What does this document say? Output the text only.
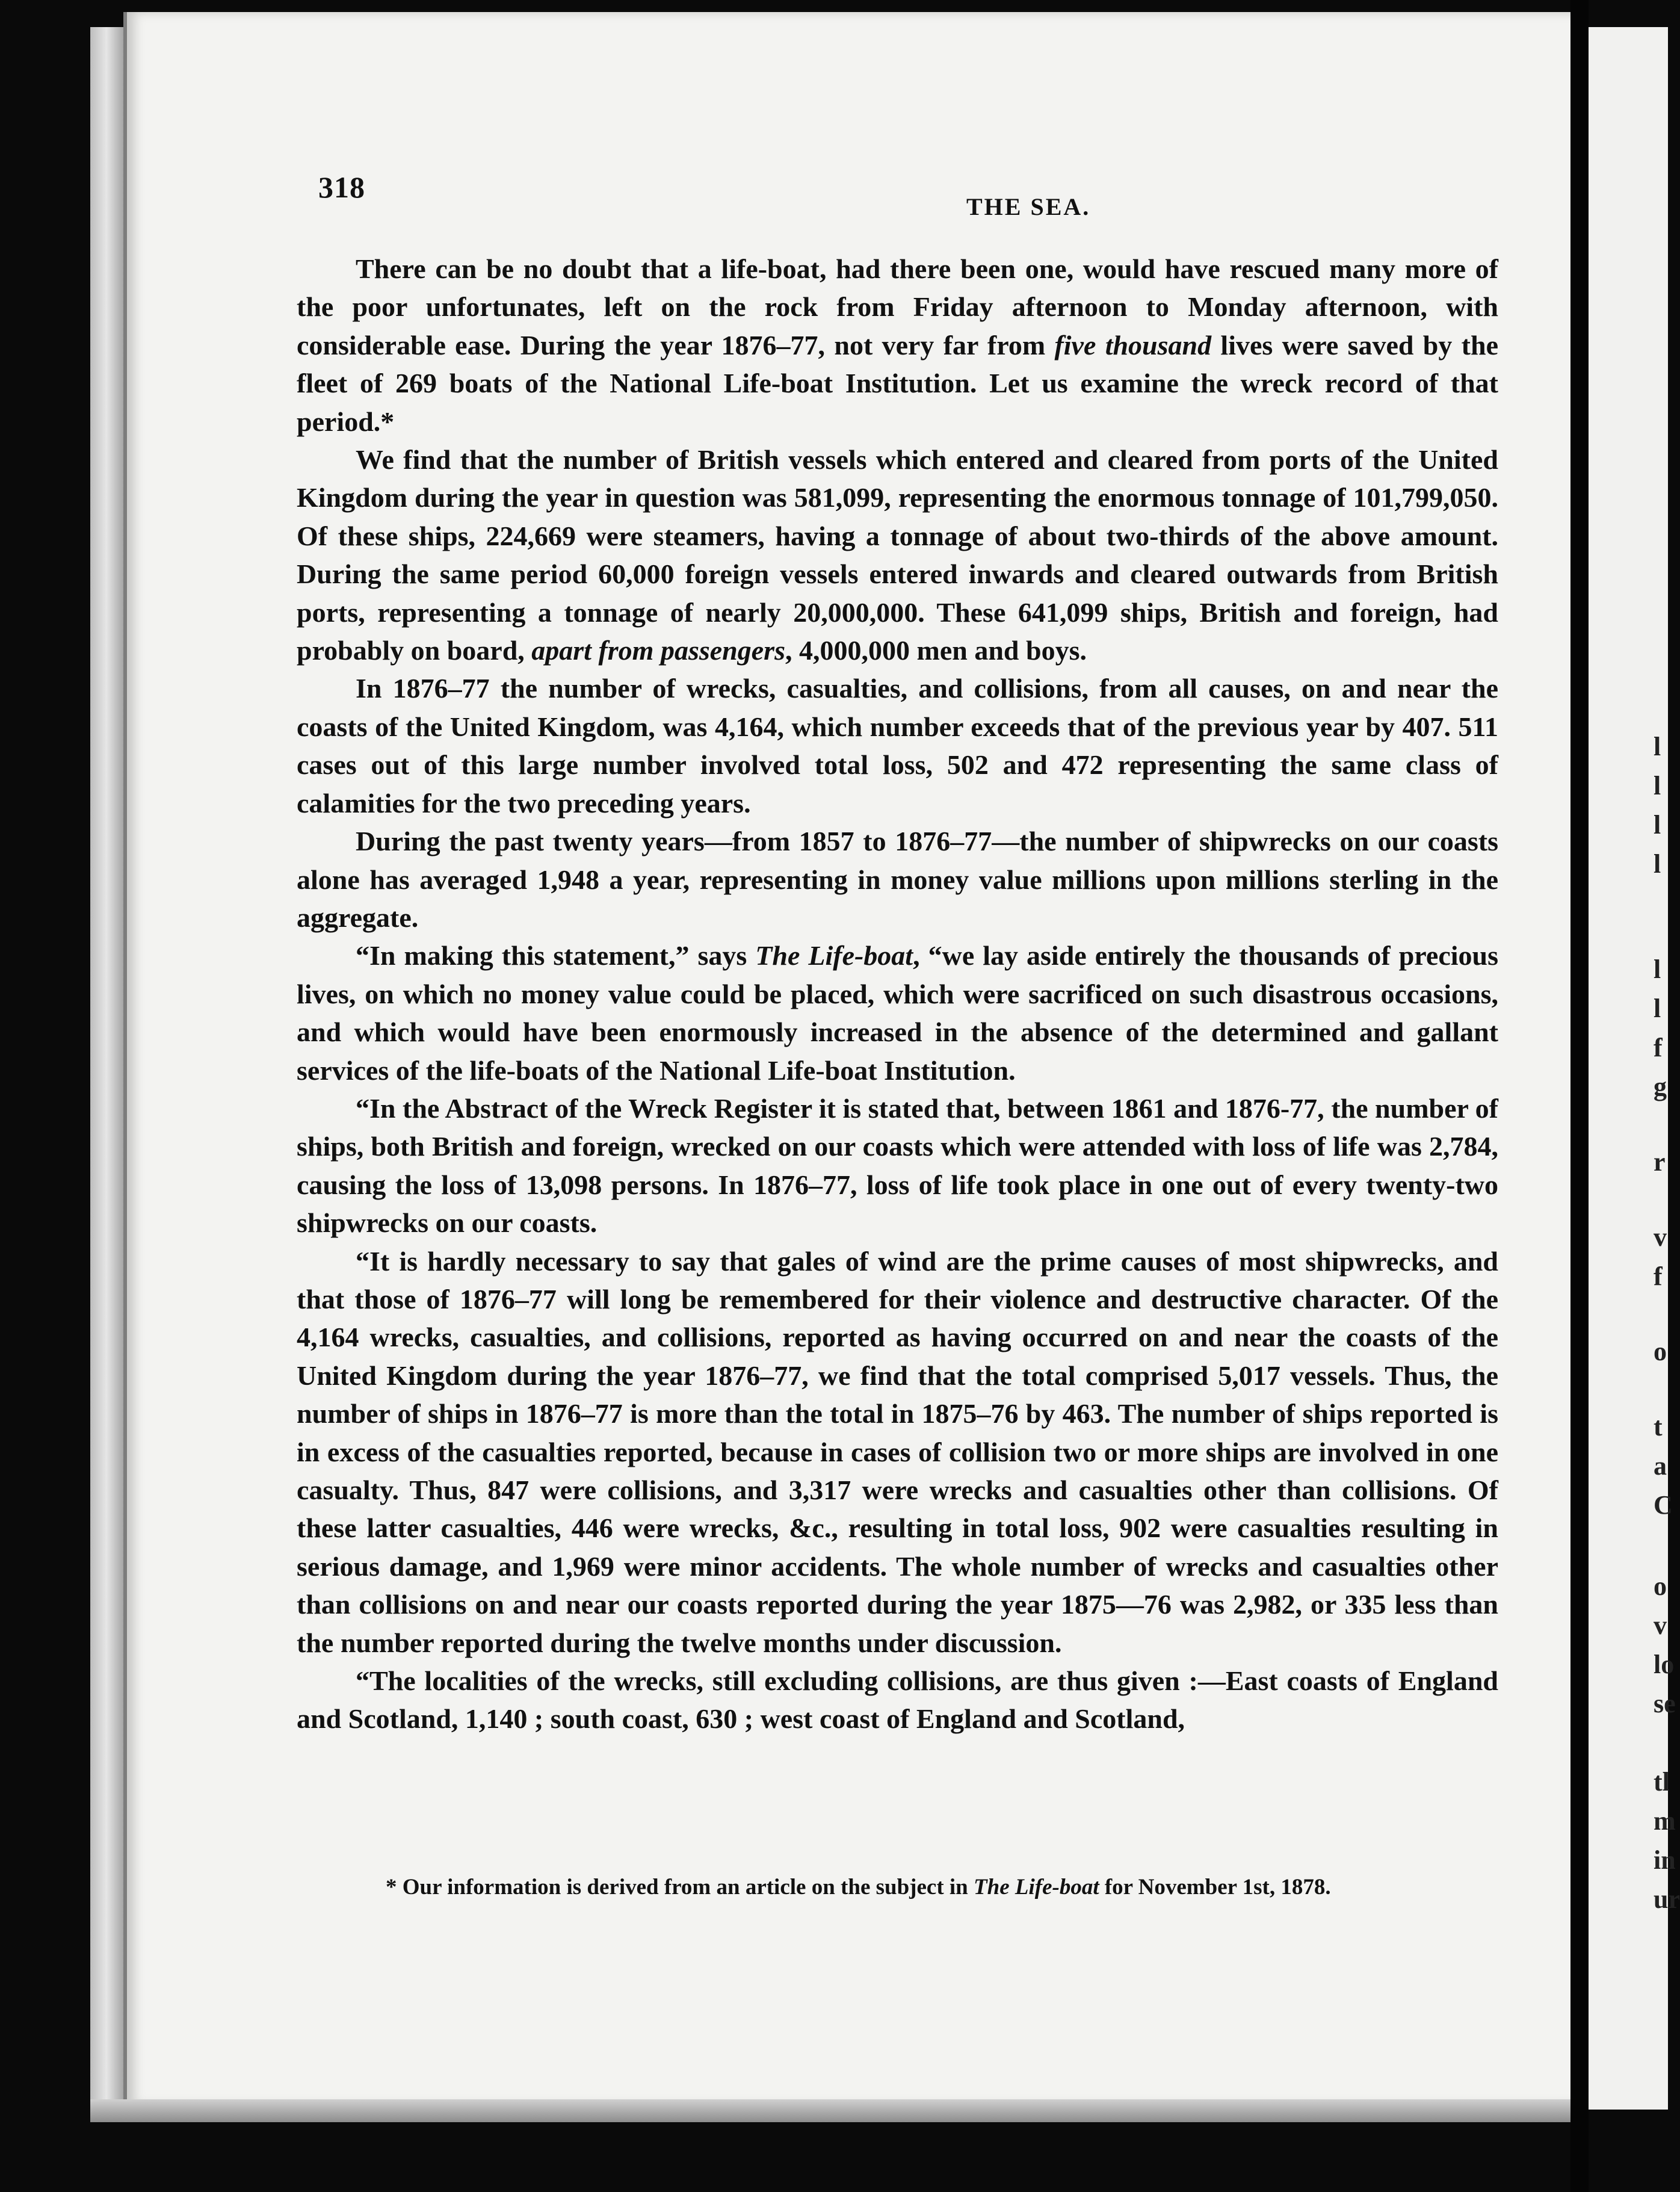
318
THE SEA.

There can be no doubt that a life-boat, had there been one, would have rescued many more of the poor unfortunates, left on the rock from Friday afternoon to Monday afternoon, with considerable ease. During the year 1876–77, not very far from five thousand lives were saved by the fleet of 269 boats of the National Life-boat Institution. Let us examine the wreck record of that period.*

We find that the number of British vessels which entered and cleared from ports of the United Kingdom during the year in question was 581,099, representing the enormous tonnage of 101,799,050. Of these ships, 224,669 were steamers, having a tonnage of about two-thirds of the above amount. During the same period 60,000 foreign vessels entered inwards and cleared outwards from British ports, representing a tonnage of nearly 20,000,000. These 641,099 ships, British and foreign, had probably on board, apart from passengers, 4,000,000 men and boys.

In 1876–77 the number of wrecks, casualties, and collisions, from all causes, on and near the coasts of the United Kingdom, was 4,164, which number exceeds that of the previous year by 407. 511 cases out of this large number involved total loss, 502 and 472 representing the same class of calamities for the two preceding years.

During the past twenty years—from 1857 to 1876–77—the number of shipwrecks on our coasts alone has averaged 1,948 a year, representing in money value millions upon millions sterling in the aggregate.

“In making this statement,” says The Life-boat, “we lay aside entirely the thousands of precious lives, on which no money value could be placed, which were sacrificed on such disastrous occasions, and which would have been enormously increased in the absence of the determined and gallant services of the life-boats of the National Life-boat Institution.

“In the Abstract of the Wreck Register it is stated that, between 1861 and 1876-77, the number of ships, both British and foreign, wrecked on our coasts which were attended with loss of life was 2,784, causing the loss of 13,098 persons. In 1876–77, loss of life took place in one out of every twenty-two shipwrecks on our coasts.

“It is hardly necessary to say that gales of wind are the prime causes of most shipwrecks, and that those of 1876–77 will long be remembered for their violence and destructive character. Of the 4,164 wrecks, casualties, and collisions, reported as having occurred on and near the coasts of the United Kingdom during the year 1876–77, we find that the total comprised 5,017 vessels. Thus, the number of ships in 1876–77 is more than the total in 1875–76 by 463. The number of ships reported is in excess of the casualties reported, because in cases of collision two or more ships are involved in one casualty. Thus, 847 were collisions, and 3,317 were wrecks and casualties other than collisions. Of these latter casualties, 446 were wrecks, &c., resulting in total loss, 902 were casualties resulting in serious damage, and 1,969 were minor accidents. The whole number of wrecks and casualties other than collisions on and near our coasts reported during the year 1875—76 was 2,982, or 335 less than the number reported during the twelve months under discussion.

“The localities of the wrecks, still excluding collisions, are thus given :—East coasts of England and Scotland, 1,140 ; south coast, 630 ; west coast of England and Scotland,

* Our information is derived from an article on the subject in The Life-boat for November 1st, 1878.
l
l
l
l
l
l
f
g
r
v
f
o
t
a
C
o
v
lo
se
tl
m
in
ur
